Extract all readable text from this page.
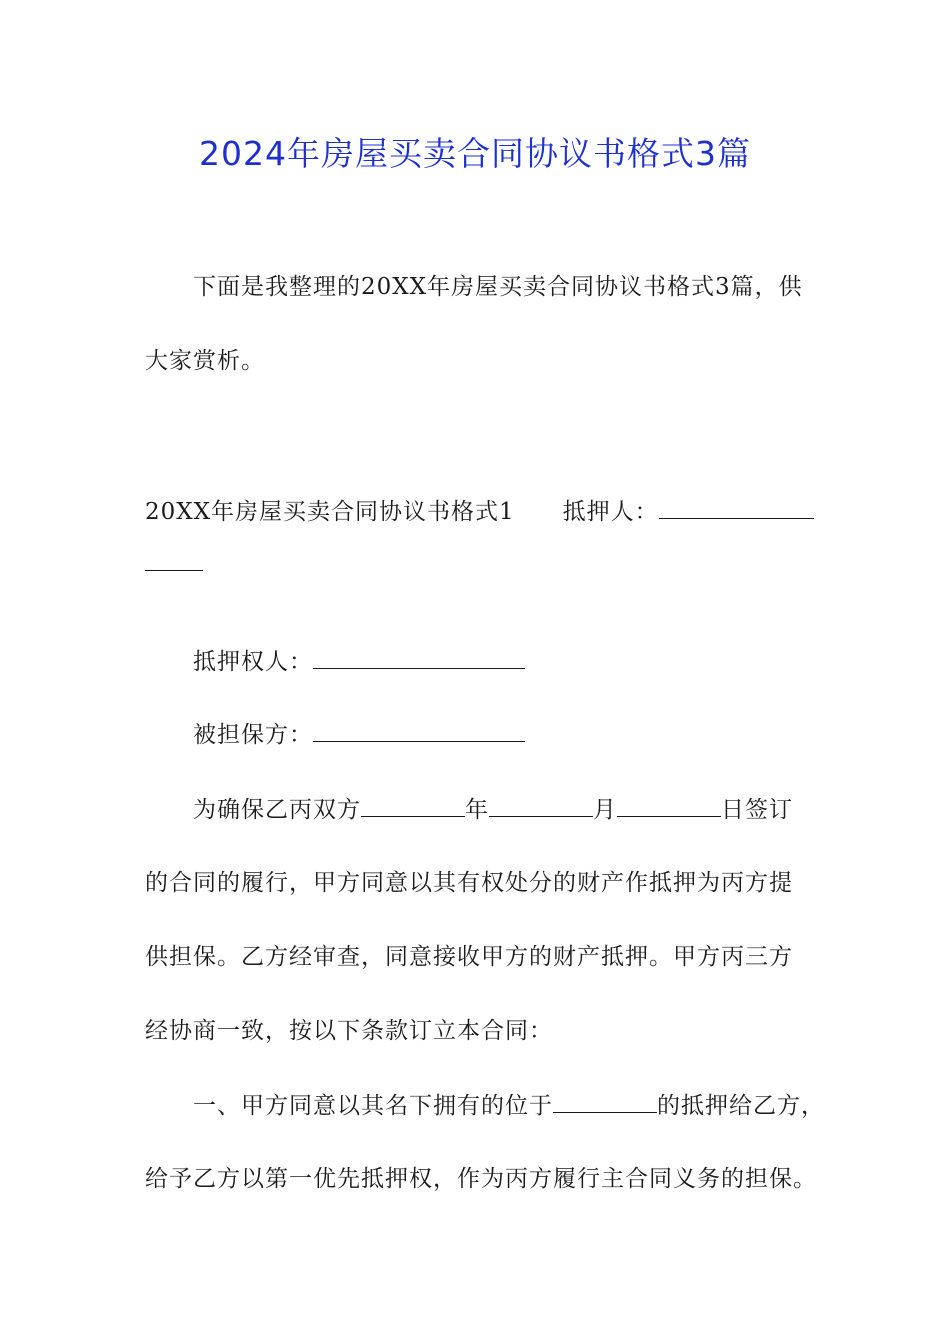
2024年房屋买卖合同协议书格式3篇
下面是我整理的20XX年房屋买卖合同协议书格式3篇，供
大家赏析。
20XX年房屋买卖合同协议书格式1 抵押人：
抵押权人：
被担保方：
为确保乙丙双方	年	月	日签订
的合同的履行，甲方同意以其有权处分的财产作抵押为丙方提
供担保。乙方经审查，同意接收甲方的财产抵押。甲方丙三方
经协商一致，按以下条款订立本合同：
一、甲方同意以其名下拥有的位于	的抵押给乙方，
给予乙方以第一优先抵押权，作为丙方履行主合同义务的担保。
